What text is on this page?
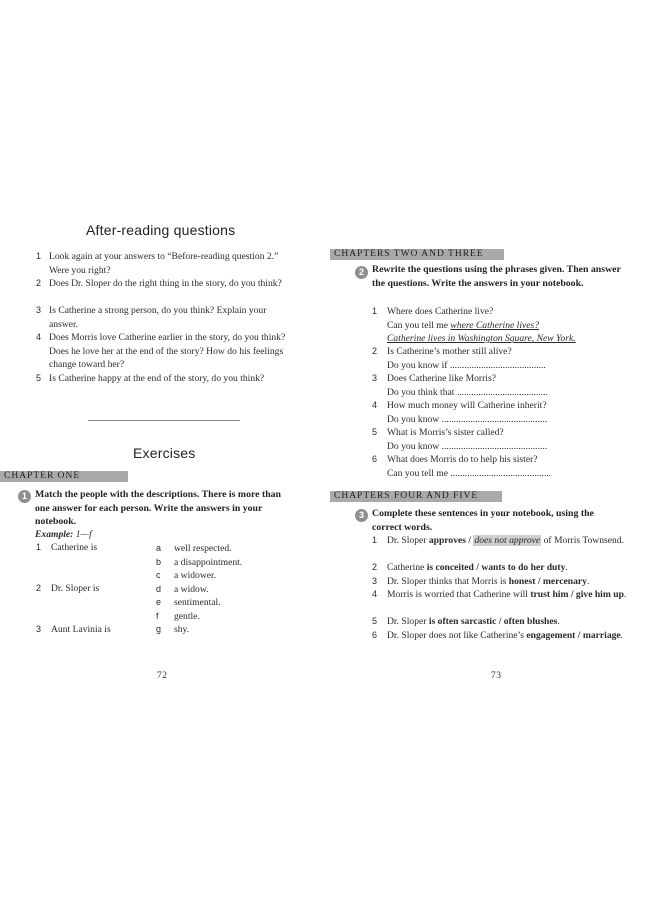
After-reading questions
1 Look again at your answers to “Before-reading question 2.” Were you right?
2 Does Dr. Sloper do the right thing in the story, do you think?
3 Is Catherine a strong person, do you think? Explain your answer.
4 Does Morris love Catherine earlier in the story, do you think? Does he love her at the end of the story? How do his feelings change toward her?
5 Is Catherine happy at the end of the story, do you think?
Exercises
CHAPTER ONE
1 Match the people with the descriptions. There is more than one answer for each person. Write the answers in your notebook.
Example: 1—f
1 Catherine is
2 Dr. Sloper is
3 Aunt Lavinia is
a well respected.
b a disappointment.
c a widower.
d a widow.
e sentimental.
f gentle.
g shy.
72
CHAPTERS TWO AND THREE
2 Rewrite the questions using the phrases given. Then answer the questions. Write the answers in your notebook.
1 Where does Catherine live?
Can you tell me where Catherine lives?
Catherine lives in Washington Square, New York.
2 Is Catherine’s mother still alive?
Do you know if ........................................
3 Does Catherine like Morris?
Do you think that ......................................
4 How much money will Catherine inherit?
Do you know ............................................
5 What is Morris’s sister called?
Do you know ............................................
6 What does Morris do to help his sister?
Can you tell me ..........................................
CHAPTERS FOUR AND FIVE
3 Complete these sentences in your notebook, using the correct words.
1 Dr. Sloper approves / does not approve of Morris Townsend.
2 Catherine is conceited / wants to do her duty.
3 Dr. Sloper thinks that Morris is honest / mercenary.
4 Morris is worried that Catherine will trust him / give him up.
5 Dr. Sloper is often sarcastic / often blushes.
6 Dr. Sloper does not like Catherine’s engagement / marriage.
73
